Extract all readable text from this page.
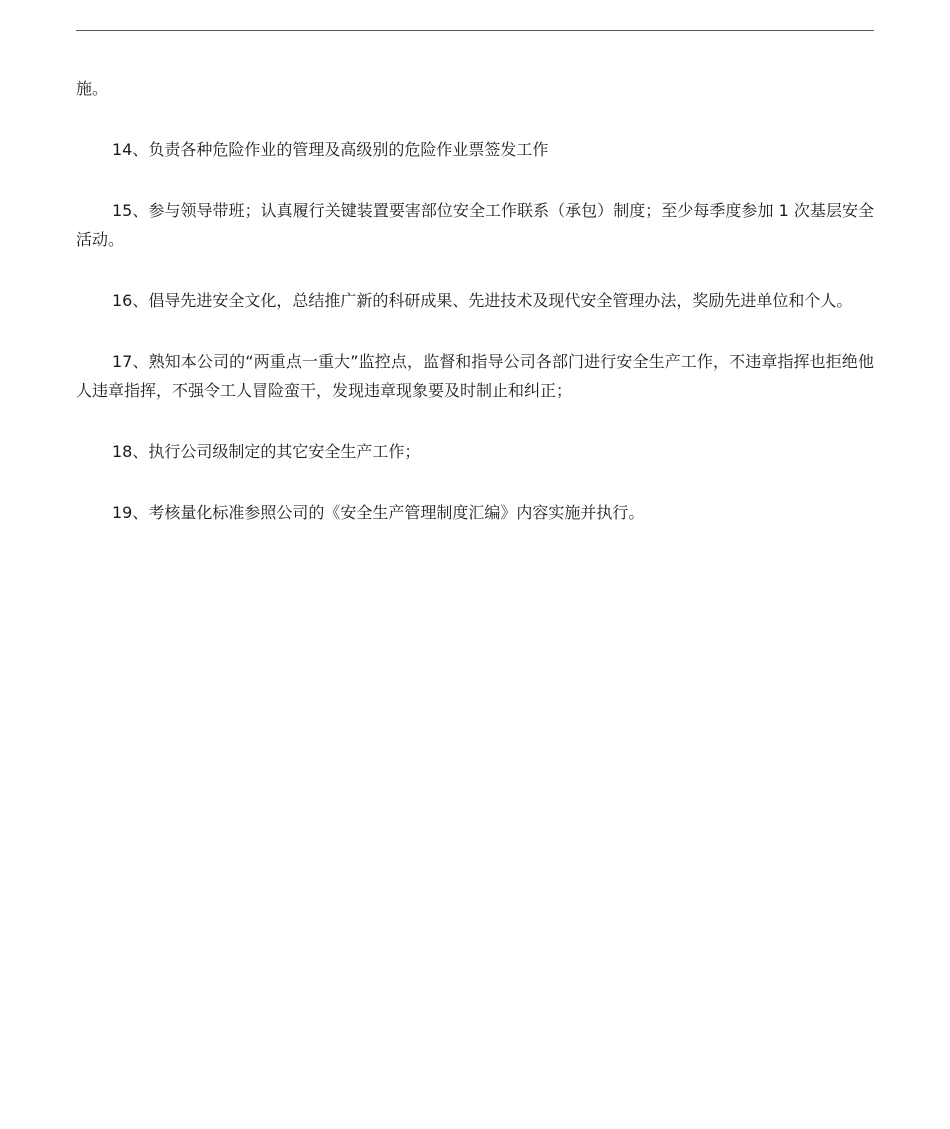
施。

14、负责各种危险作业的管理及高级别的危险作业票签发工作

15、参与领导带班；认真履行关键装置要害部位安全工作联系（承包）制度；至少每季度参加 1 次基层安全活动。

16、倡导先进安全文化，总结推广新的科研成果、先进技术及现代安全管理办法，奖励先进单位和个人。

17、熟知本公司的“两重点一重大”监控点，监督和指导公司各部门进行安全生产工作，不违章指挥也拒绝他人违章指挥，不强令工人冒险蛮干，发现违章现象要及时制止和纠正；

18、执行公司级制定的其它安全生产工作；

19、考核量化标准参照公司的《安全生产管理制度汇编》内容实施并执行。
